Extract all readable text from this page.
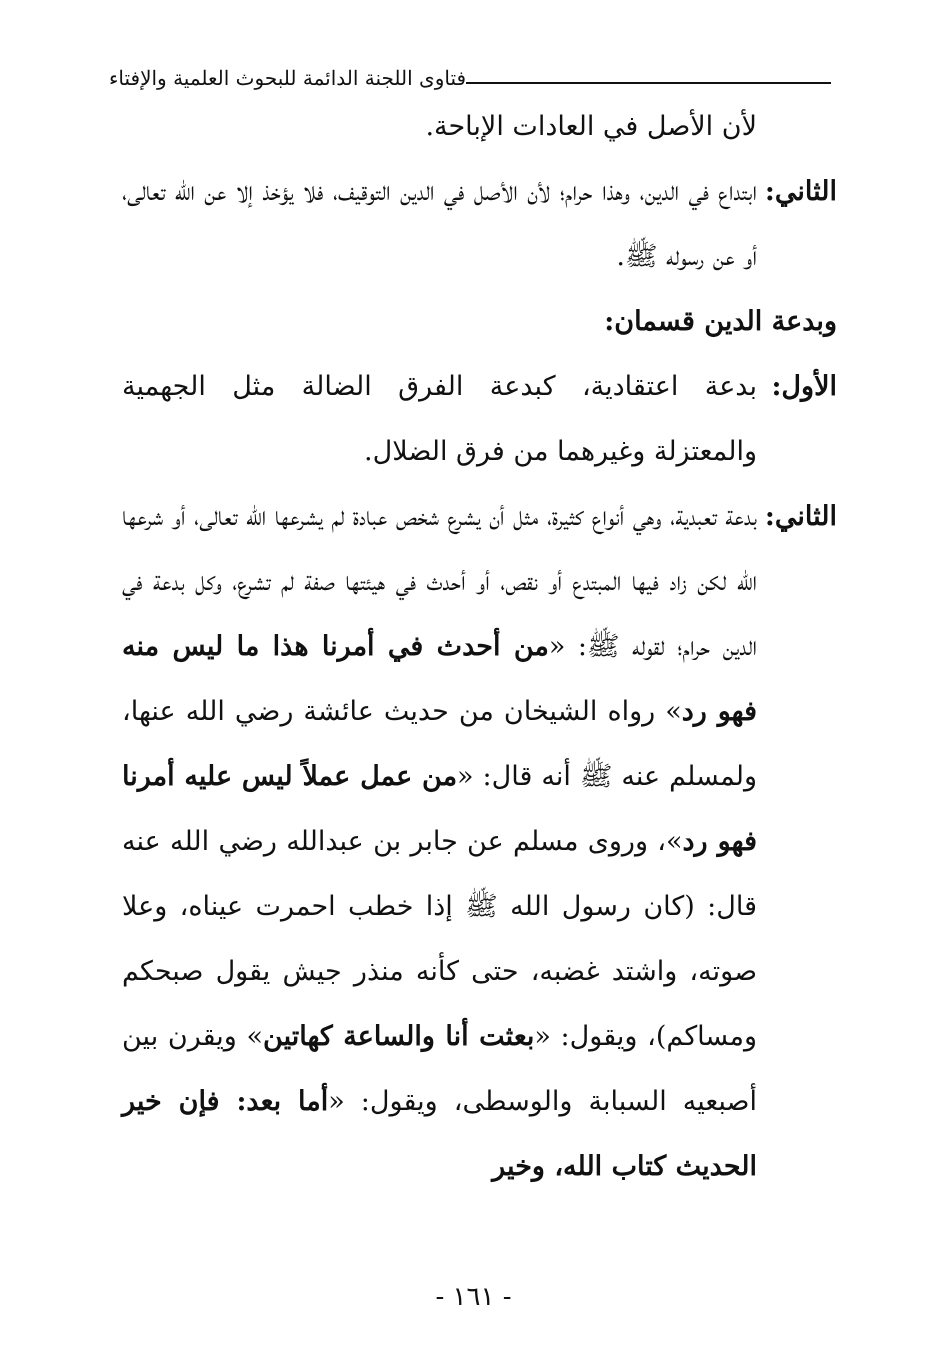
فتاوى اللجنة الدائمة للبحوث العلمية والإفتاء
لأن الأصل في العادات الإباحة.
الثاني:
ابتداع في الدين، وهذا حرام؛ لأن الأصل في الدين التوقيف، فلا يؤخذ إلا عن الله تعالى، أو عن رسوله ﷺ.
وبدعة الدين قسمان:
الأول:
بدعة اعتقادية، كبدعة الفرق الضالة مثل الجهمية والمعتزلة وغيرهما من فرق الضلال.
الثاني:
بدعة تعبدية، وهي أنواع كثيرة، مثل أن يشرع شخص عبادة لم يشرعها الله تعالى، أو شرعها الله لكن زاد فيها المبتدع أو نقص، أو أحدث في هيئتها صفة لم تشرع، وكل بدعة في الدين حرام؛ لقوله ﷺ: «من أحدث في أمرنا هذا ما ليس منه فهو رد» رواه الشيخان من حديث عائشة رضي الله عنها، ولمسلم عنه ﷺ أنه قال: «من عمل عملاً ليس عليه أمرنا فهو رد»، وروى مسلم عن جابر بن عبدالله رضي الله عنه قال: (كان رسول الله ﷺ إذا خطب احمرت عيناه، وعلا صوته، واشتد غضبه، حتى كأنه منذر جيش يقول صبحكم ومساكم)، ويقول: «بعثت أنا والساعة كهاتين» ويقرن بين أصبعيه السبابة والوسطى، ويقول: «أما بعد: فإن خير الحديث كتاب الله، وخير
- ١٦١ -
